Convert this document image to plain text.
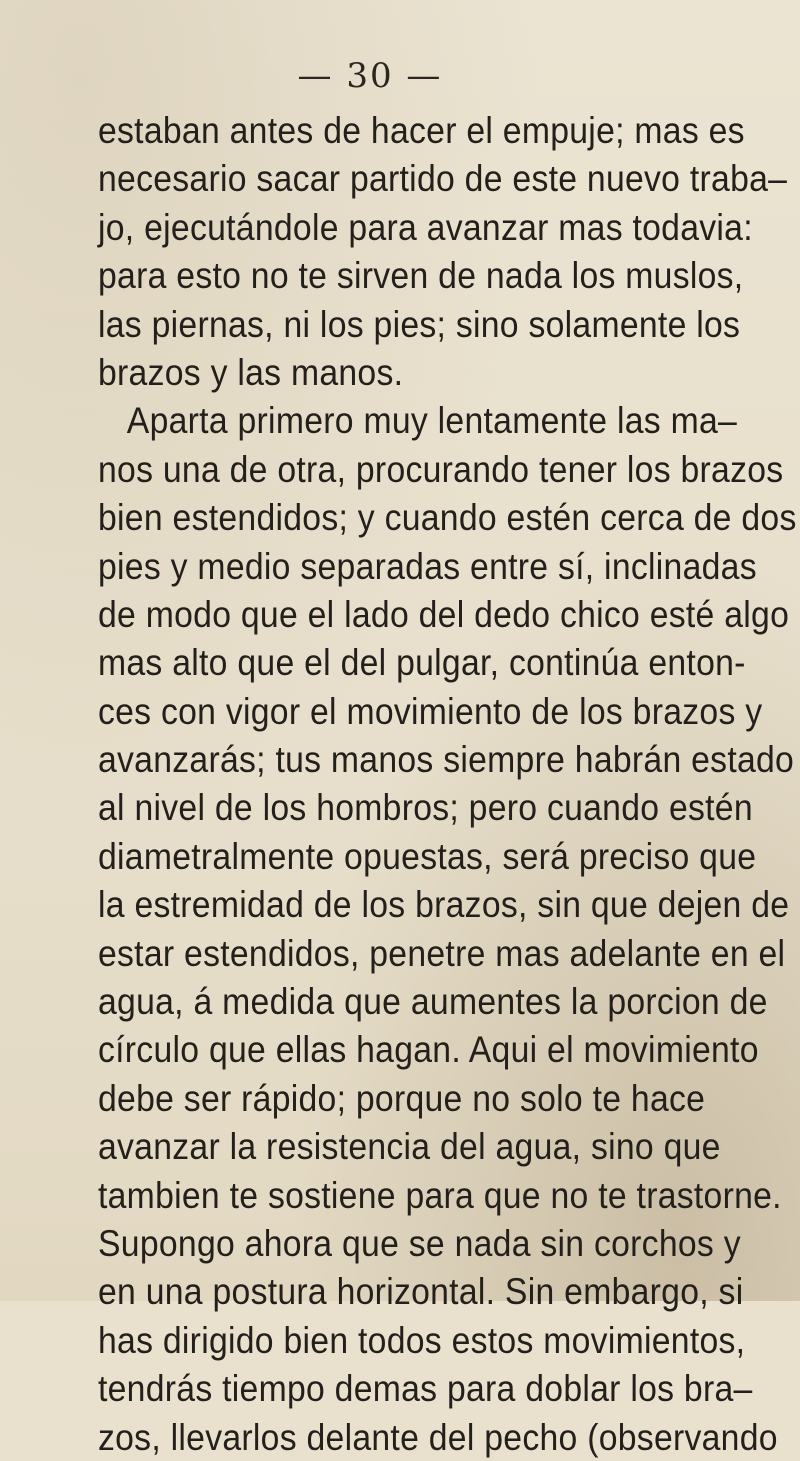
— 30 —
estaban antes de hacer el empuje; mas es
necesario sacar partido de este nuevo traba–
jo, ejecutándole para avanzar mas todavia:
para esto no te sirven de nada los muslos,
las piernas, ni los pies; sino solamente los
brazos y las manos.
Aparta primero muy lentamente las ma–
nos una de otra, procurando tener los brazos
bien estendidos; y cuando estén cerca de dos
pies y medio separadas entre sí, inclinadas
de modo que el lado del dedo chico esté algo
mas alto que el del pulgar, continúa enton-
ces con vigor el movimiento de los brazos y
avanzarás; tus manos siempre habrán estado
al nivel de los hombros; pero cuando estén
diametralmente opuestas, será preciso que
la estremidad de los brazos, sin que dejen de
estar estendidos, penetre mas adelante en el
agua, á medida que aumentes la porcion de
círculo que ellas hagan. Aqui el movimiento
debe ser rápido; porque no solo te hace
avanzar la resistencia del agua, sino que
tambien te sostiene para que no te trastorne.
Supongo ahora que se nada sin corchos y
en una postura horizontal. Sin embargo, si
has dirigido bien todos estos movimientos,
tendrás tiempo demas para doblar los bra–
zos, llevarlos delante del pecho (observando
